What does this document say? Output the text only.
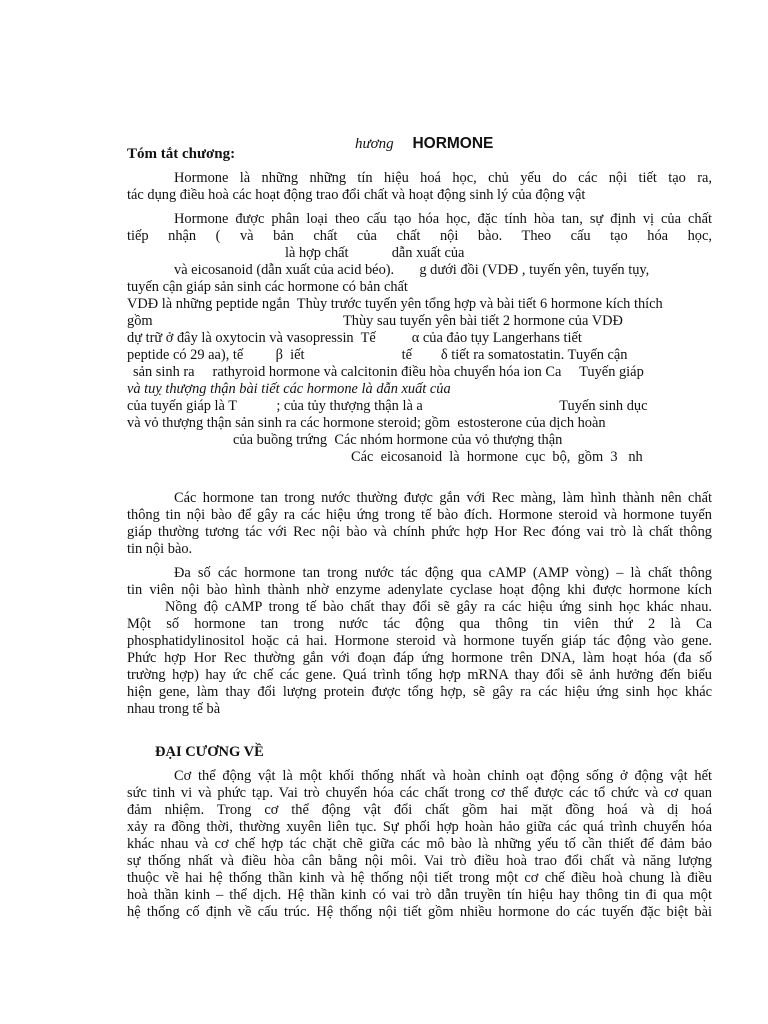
hương HORMONE

Tóm tắt chương:
Hormone là những những tín hiệu hoá học, chủ yếu do các nội tiết tạo ra,
tác dụng điều hoà các hoạt động trao đổi chất và hoạt động sinh lý của động vật
Hormone được phân loại theo cấu tạo hóa học, đặc tính hòa tan, sự định vị của chất
tiếp nhận ( và bản chất của chất nội bào. Theo cấu tạo hóa học,
là hợp chất            dẫn xuất của
và eicosanoid (dẫn xuất của acid béo).       g dưới đồi (VDĐ , tuyến yên, tuyến tụy,
tuyến cận giáp sản sinh các hormone có bản chất
VDĐ là những peptide ngắn  Thùy trước tuyến yên tổng hợp và bài tiết 6 hormone kích thích
gồm                                                     Thùy sau tuyến yên bài tiết 2 hormone của VDĐ
dự trữ ở đây là oxytocin và vasopressin  Tế          α của đảo tụy Langerhans tiết
peptide có 29 aa), tế         β  iết                           tế        δ tiết ra somatostatin. Tuyến cận
sản sinh ra     rathyroid hormone và calcitonin điều hòa chuyển hóa ion Ca     Tuyến giáp
và tuỵ thượng thận bài tiết các hormone là dẫn xuất của
của tuyến giáp là T           ; của tủy thượng thận là a                                      Tuyến sinh dục
và vỏ thượng thận sản sinh ra các hormone steroid; gồm  estosterone của dịch hoàn
của buồng trứng  Các nhóm hormone của vỏ thượng thận
Các  eicosanoid  là  hormone  cục  bộ,  gồm  3   nh
Các hormone tan trong nước thường được gắn với Rec màng, làm hình thành nên chất
thông tin nội bào để gây ra các hiệu ứng trong tế bào đích. Hormone steroid và hormone tuyến
giáp thường tương tác với Rec nội bào và chính phức hợp Hor Rec đóng vai trò là chất thông
tin nội bào.
Đa số các hormone tan trong nước tác động qua cAMP (AMP vòng) – là chất thông
tin viên nội bào hình thành nhờ enzyme adenylate cyclase hoạt động khi được hormone kích
Nồng độ cAMP trong tế bào chất thay đổi sẽ gây ra các hiệu ứng sinh học khác nhau.
Một số hormone tan trong nước tác động qua thông tin viên thứ 2 là Ca
phosphatidylinositol hoặc cả hai. Hormone steroid và hormone tuyến giáp tác động vào gene.
Phức hợp Hor Rec thường gắn với đoạn đáp ứng hormone trên DNA, làm hoạt hóa (đa số
trường hợp) hay ức chế các gene. Quá trình tổng hợp mRNA thay đổi sẽ ảnh hưởng đến biểu
hiện gene, làm thay đổi lượng protein được tổng hợp, sẽ gây ra các hiệu ứng sinh học khác
nhau trong tế bà
Cơ thể động vật là một khối thống nhất và hoàn chỉnh oạt động sống ở động vật hết
sức tinh vi và phức tạp. Vai trò chuyển hóa các chất trong cơ thể được các tổ chức và cơ quan
đảm nhiệm. Trong cơ thể động vật đổi chất gồm hai mặt đồng hoá và dị hoá
xảy ra đồng thời, thường xuyên liên tục. Sự phối hợp hoàn hảo giữa các quá trình chuyển hóa
khác nhau và cơ chế hợp tác chặt chẽ giữa các mô bào là những yếu tố cần thiết để đảm bảo
sự thống nhất và điều hòa cân bằng nội môi. Vai trò điều hoà trao đổi chất và năng lượng
thuộc về hai hệ thống thần kinh và hệ thống nội tiết trong một cơ chế điều hoà chung là điều
hoà thần kinh – thể dịch. Hệ thần kinh có vai trò dẫn truyền tín hiệu hay thông tin đi qua một
hệ thống cố định về cấu trúc. Hệ thống nội tiết gồm nhiều hormone do các tuyến đặc biệt bài
ĐẠI CƯƠNG VỀ
